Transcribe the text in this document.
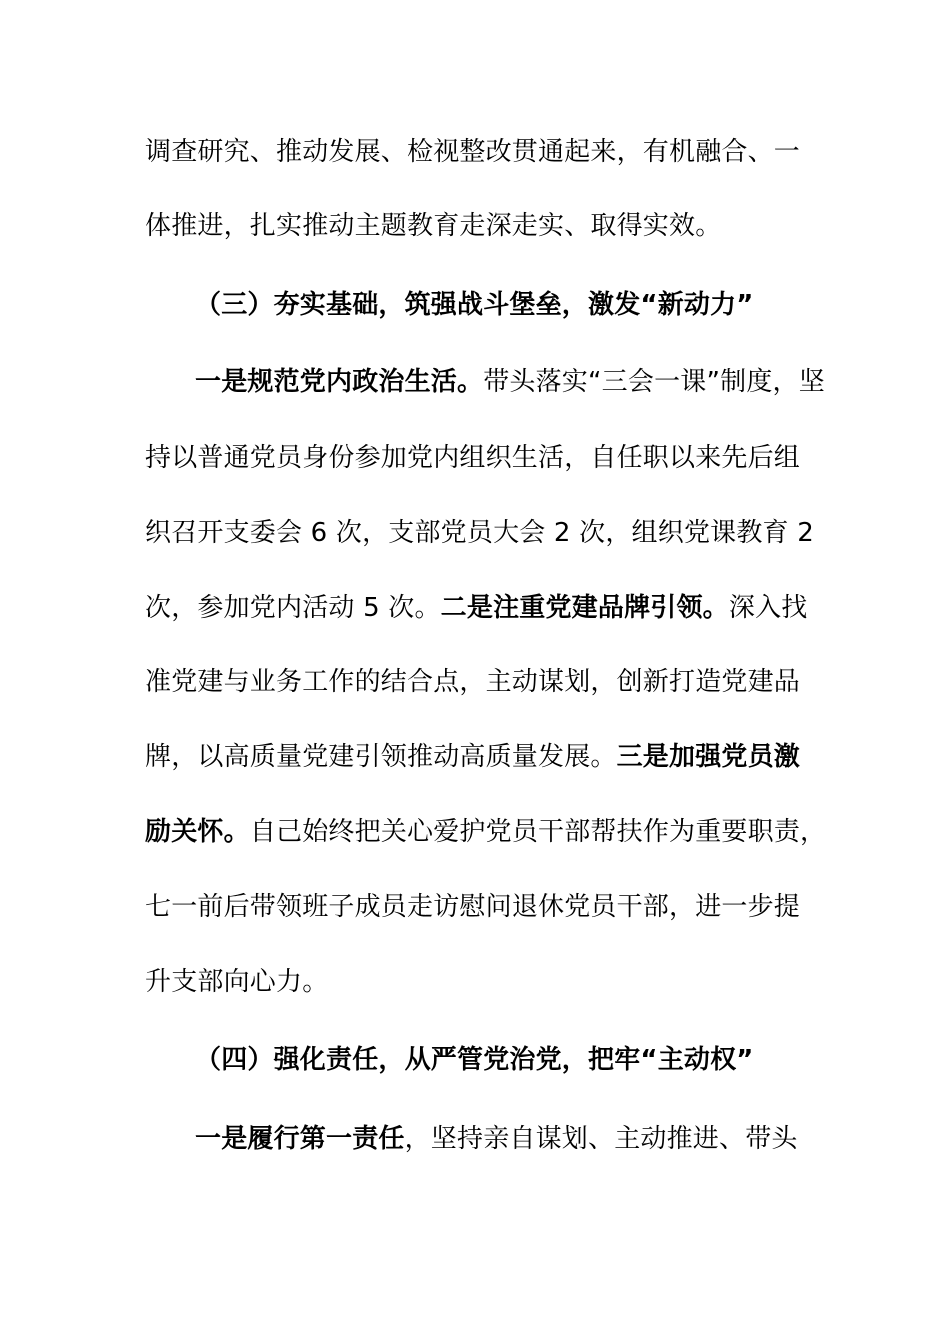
调查研究、推动发展、检视整改贯通起来，有机融合、一
体推进，扎实推动主题教育走深走实、取得实效。
（三）夯实基础，筑强战斗堡垒，激发“新动力”
一是规范党内政治生活。带头落实“三会一课”制度，坚
持以普通党员身份参加党内组织生活，自任职以来先后组
织召开支委会 6 次，支部党员大会 2 次，组织党课教育 2
次，参加党内活动 5 次。二是注重党建品牌引领。深入找
准党建与业务工作的结合点，主动谋划，创新打造党建品
牌，以高质量党建引领推动高质量发展。三是加强党员激
励关怀。自己始终把关心爱护党员干部帮扶作为重要职责，
七一前后带领班子成员走访慰问退休党员干部，进一步提
升支部向心力。
（四）强化责任，从严管党治党，把牢“主动权”
一是履行第一责任，坚持亲自谋划、主动推进、带头
